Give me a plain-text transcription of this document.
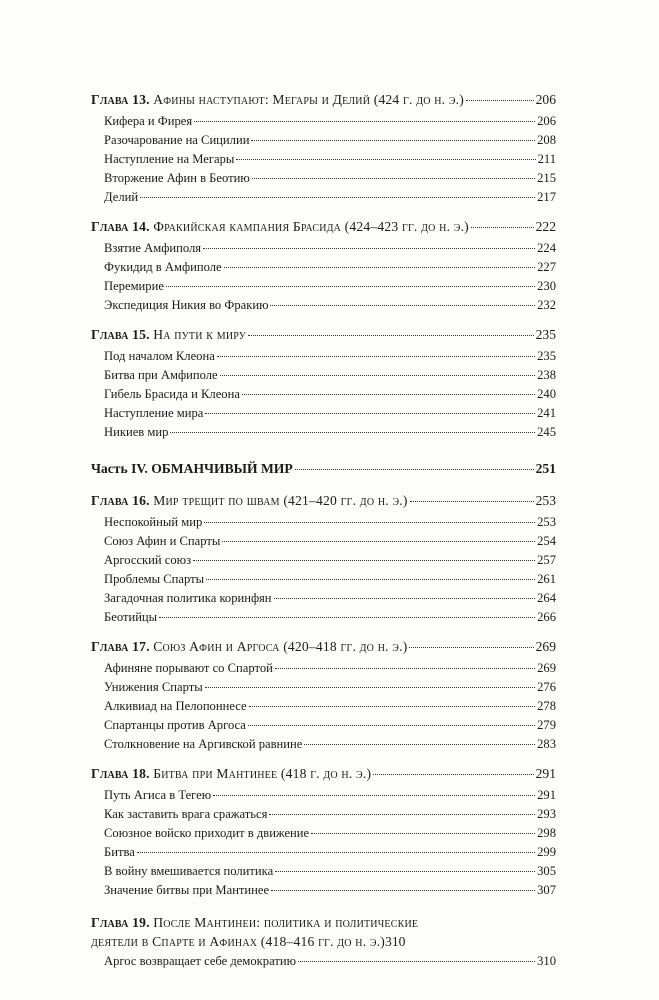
Глава 13. Афины наступают: Мегары и Делий (424 г. до н. э.)	206
Кифера и Фирея	206
Разочарование на Сицилии	208
Наступление на Мегары	211
Вторжение Афин в Беотию	215
Делий	217
Глава 14. Фракийская кампания Брасида (424–423 гг. до н. э.)	222
Взятие Амфиполя	224
Фукидид в Амфиполе	227
Перемирие	230
Экспедиция Никия во Фракию	232
Глава 15. На пути к миру	235
Под началом Клеона	235
Битва при Амфиполе	238
Гибель Брасида и Клеона	240
Наступление мира	241
Никиев мир	245
Часть IV. ОБМАНЧИВЫЙ МИР	251
Глава 16. Мир трещит по швам (421–420 гг. до н. э.)	253
Неспокойный мир	253
Союз Афин и Спарты	254
Аргосский союз	257
Проблемы Спарты	261
Загадочная политика коринфян	264
Беотийцы	266
Глава 17. Союз Афин и Аргоса (420–418 гг. до н. э.)	269
Афиняне порывают со Спартой	269
Унижения Спарты	276
Алкивиад на Пелопоннесе	278
Спартанцы против Аргоса	279
Столкновение на Аргивской равнине	283
Глава 18. Битва при Мантинее (418 г. до н. э.)	291
Путь Агиса в Тегею	291
Как заставить врага сражаться	293
Союзное войско приходит в движение	298
Битва	299
В войну вмешивается политика	305
Значение битвы при Мантинее	307
Глава 19. После Мантинеи: политика и политические
деятели в Спарте и Афинах (418–416 гг. до н. э.) 310
Аргос возвращает себе демократию	310
